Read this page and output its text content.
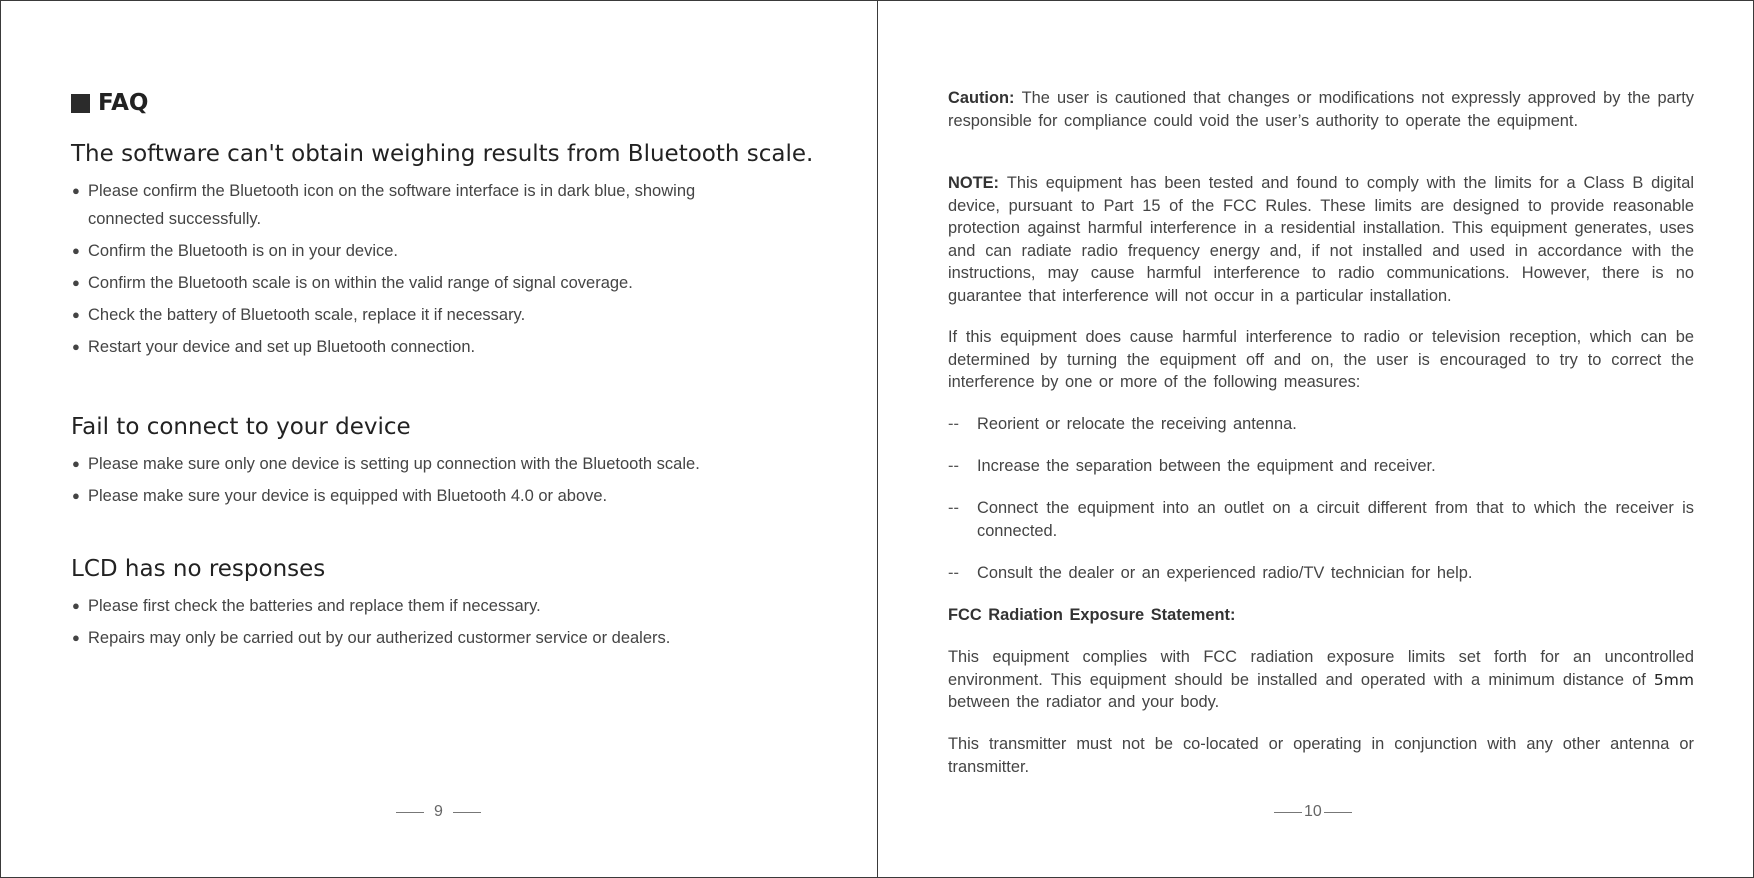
FAQ
The software can't obtain weighing results from Bluetooth scale.
● Please confirm the Bluetooth icon on the software interface is in dark blue, showing connected successfully.
● Confirm the Bluetooth is on in your device.
● Confirm the Bluetooth scale is on within the valid range of signal coverage.
● Check the battery of Bluetooth scale, replace it if necessary.
● Restart your device and set up Bluetooth connection.
Fail to connect to your device
● Please make sure only one device is setting up connection with the Bluetooth scale.
● Please make sure your device is equipped with Bluetooth 4.0 or above.
LCD has no responses
● Please first check the batteries and replace them if necessary.
● Repairs may only be carried out by our autherized custormer service or dealers.
9

Caution: The user is cautioned that changes or modifications not expressly approved by the party responsible for compliance could void the user’s authority to operate the equipment.

NOTE: This equipment has been tested and found to comply with the limits for a Class B digital device, pursuant to Part 15 of the FCC Rules. These limits are designed to provide reasonable protection against harmful interference in a residential installation. This equipment generates, uses and can radiate radio frequency energy and, if not installed and used in accordance with the instructions, may cause harmful interference to radio communications. However, there is no guarantee that interference will not occur in a particular installation.

If this equipment does cause harmful interference to radio or television reception, which can be determined by turning the equipment off and on, the user is encouraged to try to correct the interference by one or more of the following measures:

--	Reorient or relocate the receiving antenna.
--	Increase the separation between the equipment and receiver.
--	Connect the equipment into an outlet on a circuit different from that to which the receiver is connected.
--	Consult the dealer or an experienced radio/TV technician for help.

FCC Radiation Exposure Statement:

This equipment complies with FCC radiation exposure limits set forth for an uncontrolled environment. This equipment should be installed and operated with a minimum distance of 5mm between the radiator and your body.

This transmitter must not be co-located or operating in conjunction with any other antenna or transmitter.

10
